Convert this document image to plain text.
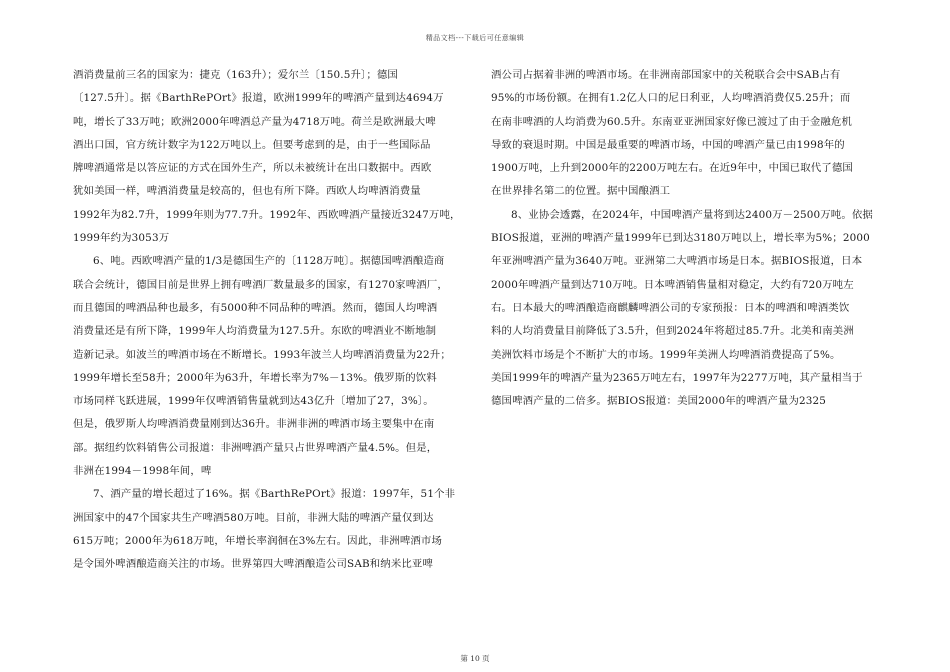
精品文档---下载后可任意编辑
酒消费量前三名的国家为：捷克（163升）；爱尔兰〔150.5升〕；德国
〔127.5升〕。据《BarthRePOrt》报道，欧洲1999年的啤酒产量到达4694万
吨，增长了33万吨；欧洲2000年啤酒总产量为4718万吨。荷兰是欧洲最大啤
酒出口国，官方统计数字为122万吨以上。但要考虑到的是，由于一些国际品
牌啤酒通常是以答应证的方式在国外生产，所以未被统计在出口数据中。西欧
犹如美国一样，啤酒消费量是较高的，但也有所下降。西欧人均啤酒消费量
1992年为82.7升，1999年则为77.7升。1992年、西欧啤酒产量接近3247万吨，
1999年约为3053万
6、吨。西欧啤酒产量的1/3是德国生产的〔1128万吨〕。据德国啤酒酿造商
联合会统计，德国目前是世界上拥有啤酒厂数量最多的国家，有1270家啤酒厂，
而且德国的啤酒品种也最多，有5000种不同品种的啤酒。然而，德国人均啤酒
消费量还是有所下降，1999年人均消费量为127.5升。东欧的啤酒业不断地制
造新记录。如波兰的啤酒市场在不断增长。1993年波兰人均啤酒消费量为22升；
1999年增长至58升；2000年为63升，年增长率为7%－13%。俄罗斯的饮料
市场同样飞跃进展，1999年仅啤酒销售量就到达43亿升〔增加了27，3%〕。
但是，俄罗斯人均啤酒消费量刚到达36升。非洲非洲的啤酒市场主要集中在南
部。据纽约饮料销售公司报道：非洲啤酒产量只占世界啤酒产量4.5%。但是，
非洲在1994－1998年间，啤
7、酒产量的增长超过了16%。据《BarthRePOrt》报道：1997年，51个非
洲国家中的47个国家共生产啤酒580万吨。目前，非洲大陆的啤酒产量仅到达
615万吨；2000年为618万吨，年增长率润徊在3%左右。因此，非洲啤酒市场
是令国外啤酒酿造商关注的市场。世界第四大啤酒酿造公司SAB和纳米比亚啤
酒公司占据着非洲的啤酒市场。在非洲南部国家中的关税联合会中SAB占有
95%的市场份额。在拥有1.2亿人口的尼日利亚，人均啤酒消费仅5.25升；而
在南非啤酒的人均消费为60.5升。东南亚亚洲国家好像已渡过了由于金融危机
导致的衰退时期。中国是最重要的啤酒市场，中国的啤酒产量已由1998年的
1900万吨，上升到2000年的2200万吨左右。在近9年中，中国已取代了德国
在世界排名第二的位置。据中国酿酒工
8、业协会透露，在2024年，中国啤酒产量将到达2400万－2500万吨。依据
BIOS报道，亚洲的啤酒产量1999年已到达3180万吨以上，增长率为5%；2000
年亚洲啤酒产量为3640万吨。亚洲第二大啤酒市场是日本。据BIOS报道，日本
2000年啤酒产量到达710万吨。日本啤酒销售量相对稳定，大约有720万吨左
右。日本最大的啤酒酿造商麒麟啤酒公司的专家预报：日本的啤酒和啤酒类饮
料的人均消费量目前降低了3.5升，但到2024年将超过85.7升。北美和南美洲
美洲饮料市场是个不断扩大的市场。1999年美洲人均啤酒消费提高了5%。
美国1999年的啤酒产量为2365万吨左右，1997年为2277万吨，其产量相当于
德国啤酒产量的二倍多。据BIOS报道：美国2000年的啤酒产量为2325
第 10 页
